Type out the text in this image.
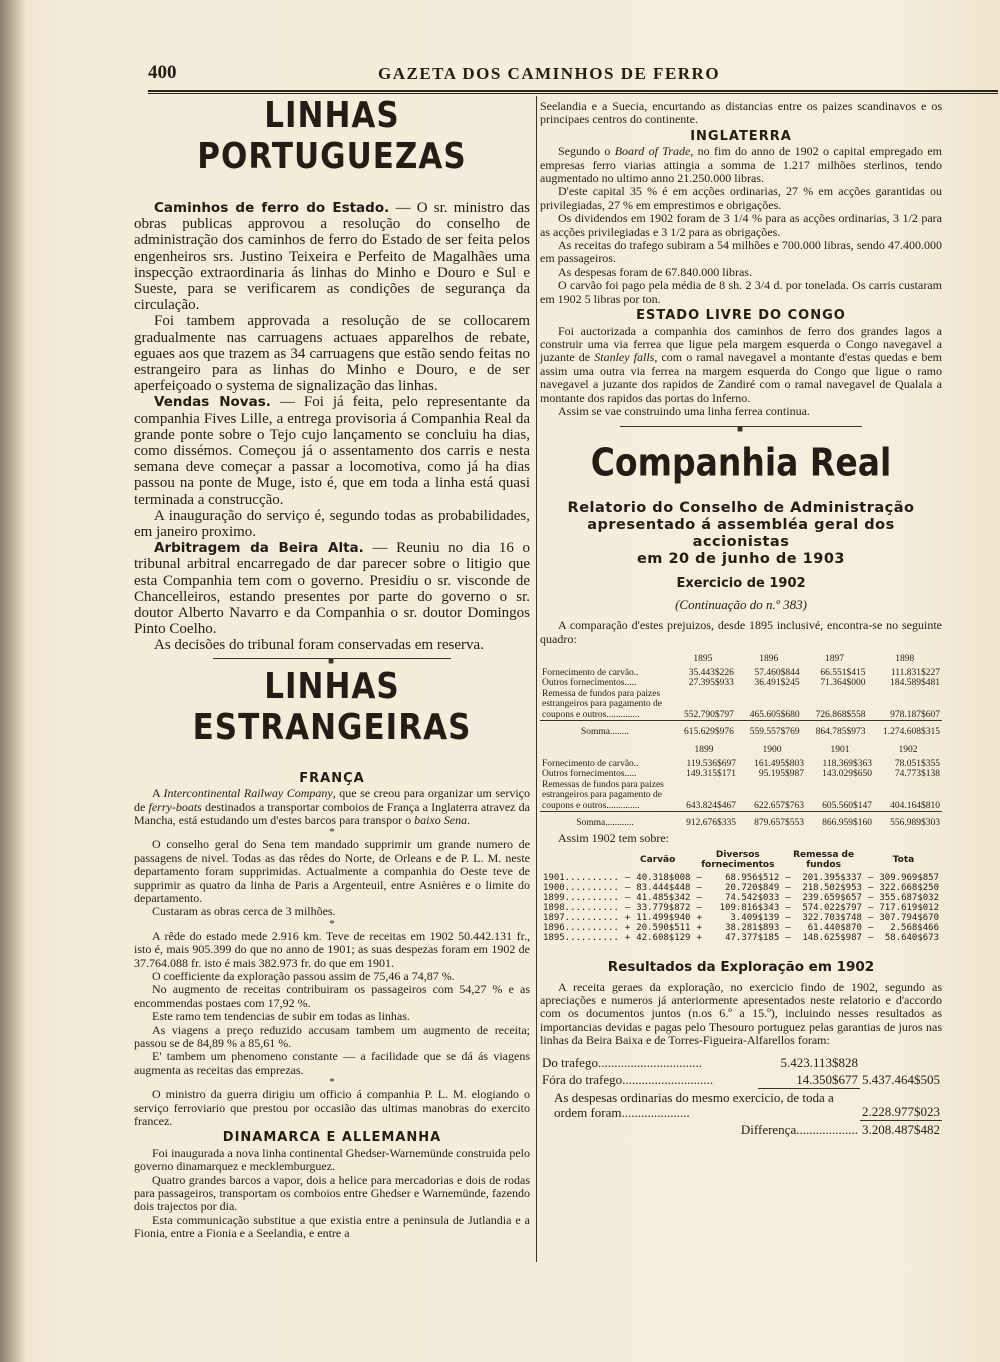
400	GAZETA DOS CAMINHOS DE FERRO
LINHAS PORTUGUEZAS

Caminhos de ferro do Estado. — O sr. ministro das obras publicas approvou a resolução do conselho de administração dos caminhos de ferro do Estado de ser feita pelos engenheiros srs. Justino Teixeira e Perfeito de Magalhães uma inspecção extraordinaria ás linhas do Minho e Douro e Sul e Sueste, para se verificarem as condições de segurança da circulação.

Foi tambem approvada a resolução de se collocarem gradualmente nas carruagens actuaes apparelhos de rebate, eguaes aos que trazem as 34 carruagens que estão sendo feitas no estrangeiro para as linhas do Minho e Douro, e de ser aperfeiçoado o systema de signalização das linhas.

Vendas Novas. — Foi já feita, pelo representante da companhia Fives Lille, a entrega provisoria á Companhia Real da grande ponte sobre o Tejo cujo lançamento se concluiu ha dias, como dissémos. Começou já o assentamento dos carris e nesta semana deve começar a passar a locomotiva, como já ha dias passou na ponte de Muge, isto é, que em toda a linha está quasi terminada a construcção.

A inauguração do serviço é, segundo todas as probabilidades, em janeiro proximo.

Arbitragem da Beira Alta. — Reuniu no dia 16 o tribunal arbitral encarregado de dar parecer sobre o litigio que esta Companhia tem com o governo. Presidiu o sr. visconde de Chancelleiros, estando presentes por parte do governo o sr. doutor Alberto Navarro e da Companhia o sr. doutor Domingos Pinto Coelho.

As decisões do tribunal foram conservadas em reserva.

■
LINHAS ESTRANGEIRAS
FRANÇA

A Intercontinental Railway Company, que se creou para organizar um serviço de ferry-boats destinados a transportar comboios de França a Inglaterra atravez da Mancha, está estudando um d'estes barcos para transpor o baixo Sena.

*

O conselho geral do Sena tem mandado supprimir um grande numero de passagens de nivel. Todas as das rêdes do Norte, de Orleans e de P. L. M. neste departamento foram supprimidas. Actualmente a companhia do Oeste teve de supprimir as quatro da linha de Paris a Argenteuil, entre Asnières e o limite do departamento.

Custaram as obras cerca de 3 milhões.

*

A rêde do estado mede 2.916 km. Teve de receitas em 1902 50.442.131 fr., isto é, mais 905.399 do que no anno de 1901; as suas despezas foram em 1902 de 37.764.088 fr. isto é mais 382.973 fr. do que em 1901.

O coefficiente da exploração passou assim de 75,46 a 74,87 %.

No augmento de receitas contribuiram os passageiros com 54,27 % e as encommendas postaes com 17,92 %.

Este ramo tem tendencias de subir em todas as linhas.

As viagens a preço reduzido accusam tambem um augmento de receita; passou se de 84,89 % a 85,61 %.

E' tambem um phenomeno constante — a facilidade que se dá ás viagens augmenta as receitas das emprezas.

*

O ministro da guerra dirigiu um officio á companhia P. L. M. elogiando o serviço ferroviario que prestou por occasião das ultimas manobras do exercito francez.

DINAMARCA E ALLEMANHA

Foi inaugurada a nova linha continental Ghedser-Warnemünde construida pelo governo dinamarquez e mecklemburguez.

Quatro grandes barcos a vapor, dois a helice para mercadorias e dois de rodas para passageiros, transportam os comboios entre Ghedser e Warnemünde, fazendo dois trajectos por dia.

Esta communicação substitue a que existia entre a peninsula de Jutlandia e a Fionia, entre a Fionia e a Seelandia, e entre a

Seelandia e a Suecia, encurtando as distancias entre os paizes scandinavos e os principaes centros do continente.

INGLATERRA

Segundo o Board of Trade, no fim do anno de 1902 o capital empregado em empresas ferro viarias attingia a somma de 1.217 milhões sterlinos, tendo augmentado no ultimo anno 21.250.000 libras.

D'este capital 35 % é em acções ordinarias, 27 % em acções garantidas ou privilegiadas, 27 % em emprestimos e obrigações.

Os dividendos em 1902 foram de 3 1/4 % para as acções ordinarias, 3 1/2 para as acções privilegiadas e 3 1/2 para as obrigações.

As receitas do trafego subiram a 54 milhões e 700.000 libras, sendo 47.400.000 em passageiros.

As despesas foram de 67.840.000 libras.

O carvão foi pago pela média de 8 sh. 2 3/4 d. por tonelada. Os carris custaram em 1902 5 libras por ton.

ESTADO LIVRE DO CONGO

Foi auctorizada a companhia dos caminhos de ferro dos grandes lagos a construir uma via ferrea que ligue pela margem esquerda o Congo navegavel a juzante de Stanley falls, com o ramal navegavel a montante d'estas quedas e bem assim uma outra via ferrea na margem esquerda do Congo que ligue o ramo navegavel a juzante dos rapidos de Zandiré com o ramal navegavel de Qualala a montante dos rapidos das portas do Inferno.

Assim se vae construindo uma linha ferrea continua.

■
Companhia Real
Relatorio do Conselho de Administração
apresentado á assembléa geral dos accionistas
em 20 de junho de 1903
Exercicio de 1902
(Continuação do n.º 383)

A comparação d'estes prejuizos, desde 1895 inclusivé, encontra-se no seguinte quadro:

	1895	1896	1897	1898
Fornecimento de carvão..	35.443$226	57.460$844	66.551$415	111.831$227
Outros fornecimentos.....	27.395$933	36.491$245	71.364$000	184.589$481
Remessa de fundos para paizes estrangeiros para pagamento de coupons e outros..............	552.790$797	465.605$680	726.868$558	978.187$607

Somma........	615.629$976	559.557$769	864.785$973	1.274.608$315
	1899	1900	1901	1902
Fornecimento de carvão..	119.536$697	161.495$803	118.369$363	78.051$355
Outros fornecimentos.....	149.315$171	95.195$987	143.029$650	74.773$138
Remessas de fundos para paizes estrangeiros para pagamento de coupons e outros..............	643.824$467	622.657$763	605.560$147	404.164$810

Somma............	912.676$335	879.657$553	866.959$160	556.989$303

Assim 1902 tem sobre:

	Carvão		Diversos fornecimentos		Remessa de fundos		Tota	
1901..........	—	40.318$008	—	68.956$512	—	201.395$337	—	309.969$857
1900..........	—	83.444$448	—	20.720$849	—	218.502$953	—	322.668$250
1899..........	—	41.485$342	—	74.542$033	—	239.659$657	—	355.687$032
1898..........	—	33.779$872	—	109.816$343	—	574.022$797	—	717.619$012
1897..........	+	11.499$940	+	3.409$139	—	322.703$748	—	307.794$670
1896..........	+	20.590$511	+	38.281$893	—	61.440$870	—	2.568$466
1895..........	+	42.608$129	+	47.377$185	—	148.625$987	—	58.640$673
Resultados da Exploração em 1902

A receita geraes da exploração, no exercicio findo de 1902, segundo as apreciações e numeros já anteriormente apresentados neste relatorio e d'accordo com os documentos juntos (n.os 6.º a 15.º), incluindo nesses resultados as importancias devidas e pagas pelo Thesouro portuguez pelas garantias de juros nas linhas da Beira Baixa e de Torres-Figueira-Alfarellos foram:

Do trafego................................	5.423.113$828	
Fóra do trafego............................	14.350$677	5.437.464$505
As despesas ordinarias do mesmo exercicio, de toda a ordem foram.....................		2.228.977$023
Differença...................		3.208.487$482
